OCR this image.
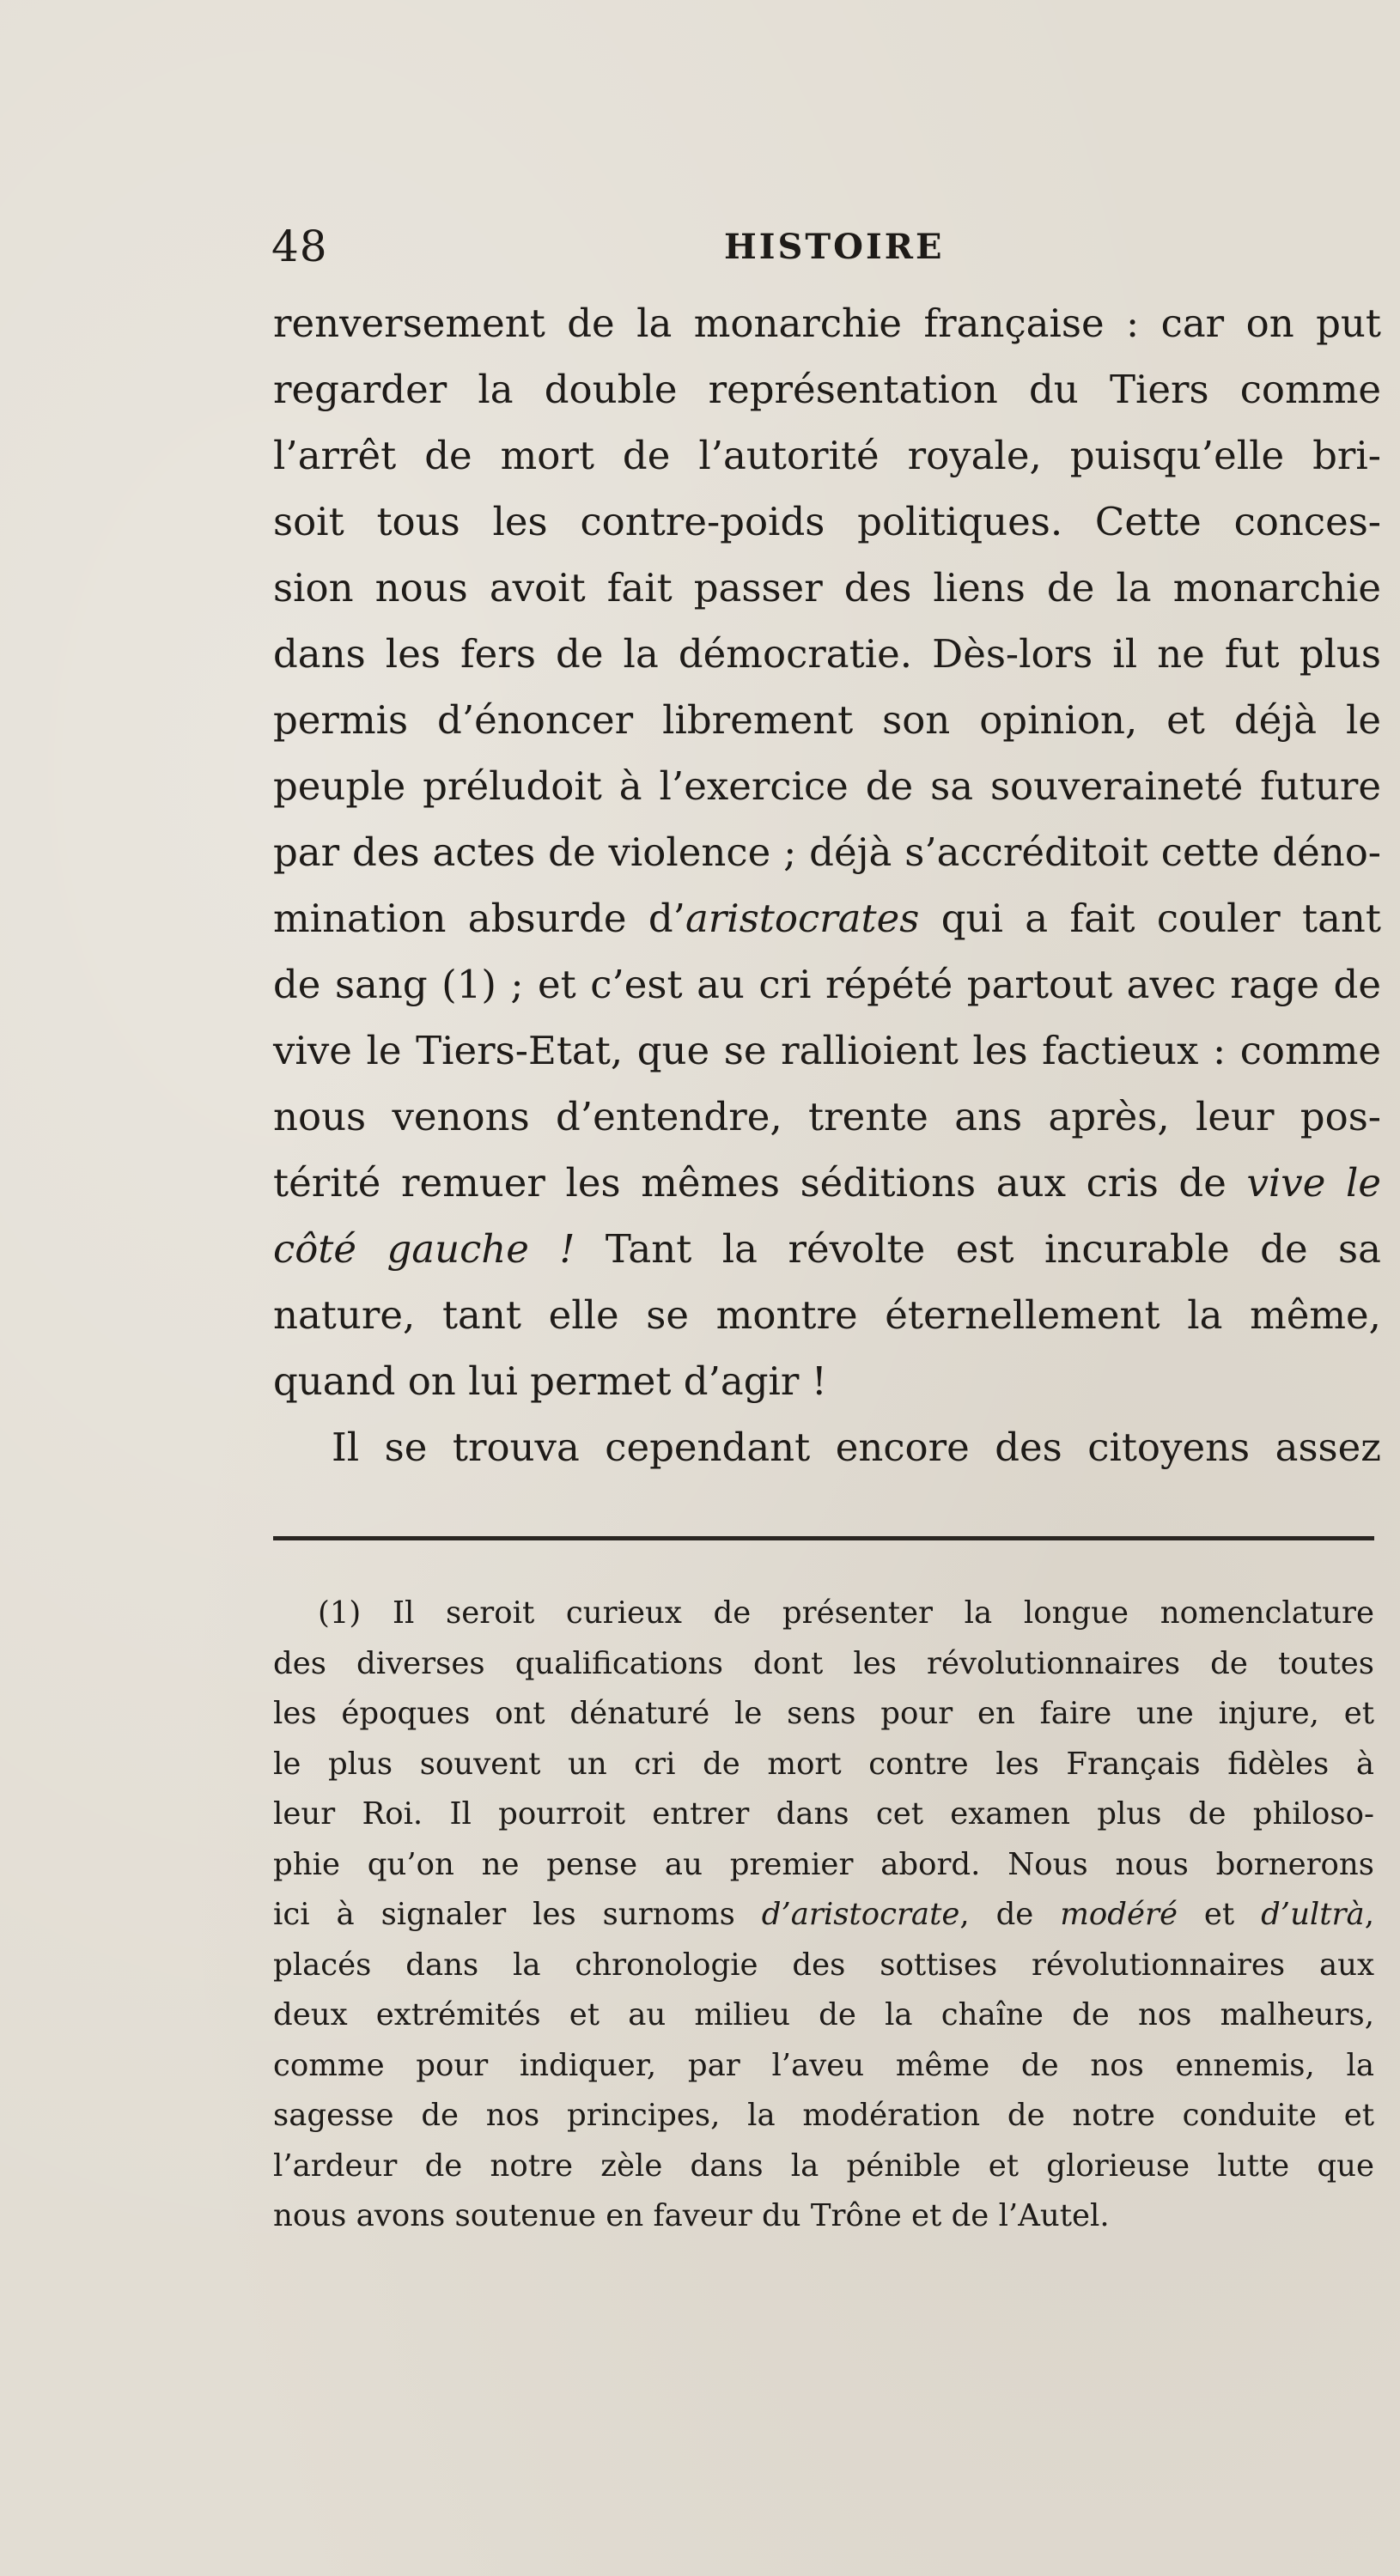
48	HISTOIRE
renversement de la monarchie française : car on put
regarder la double représentation du Tiers comme
l’arrêt de mort de l’autorité royale, puisqu’elle bri-
soit tous les contre-poids politiques. Cette conces-
sion nous avoit fait passer des liens de la monarchie
dans les fers de la démocratie. Dès-lors il ne fut plus
permis d’énoncer librement son opinion, et déjà le
peuple préludoit à l’exercice de sa souveraineté future
par des actes de violence ; déjà s’accréditoit cette déno-
mination absurde d’aristocrates qui a fait couler tant
de sang (1) ; et c’est au cri répété partout avec rage de
vive le Tiers-Etat, que se rallioient les factieux : comme
nous venons d’entendre, trente ans après, leur pos-
térité remuer les mêmes séditions aux cris de vive le
côté gauche ! Tant la révolte est incurable de sa
nature, tant elle se montre éternellement la même,
quand on lui permet d’agir !
Il se trouva cependant encore des citoyens assez
(1) Il seroit curieux de présenter la longue nomenclature
des diverses qualifications dont les révolutionnaires de toutes
les époques ont dénaturé le sens pour en faire une injure, et
le plus souvent un cri de mort contre les Français fidèles à
leur Roi. Il pourroit entrer dans cet examen plus de philoso-
phie qu’on ne pense au premier abord. Nous nous bornerons
ici à signaler les surnoms d’aristocrate, de modéré et d’ultrà,
placés dans la chronologie des sottises révolutionnaires aux
deux extrémités et au milieu de la chaîne de nos malheurs,
comme pour indiquer, par l’aveu même de nos ennemis, la
sagesse de nos principes, la modération de notre conduite et
l’ardeur de notre zèle dans la pénible et glorieuse lutte que
nous avons soutenue en faveur du Trône et de l’Autel.
